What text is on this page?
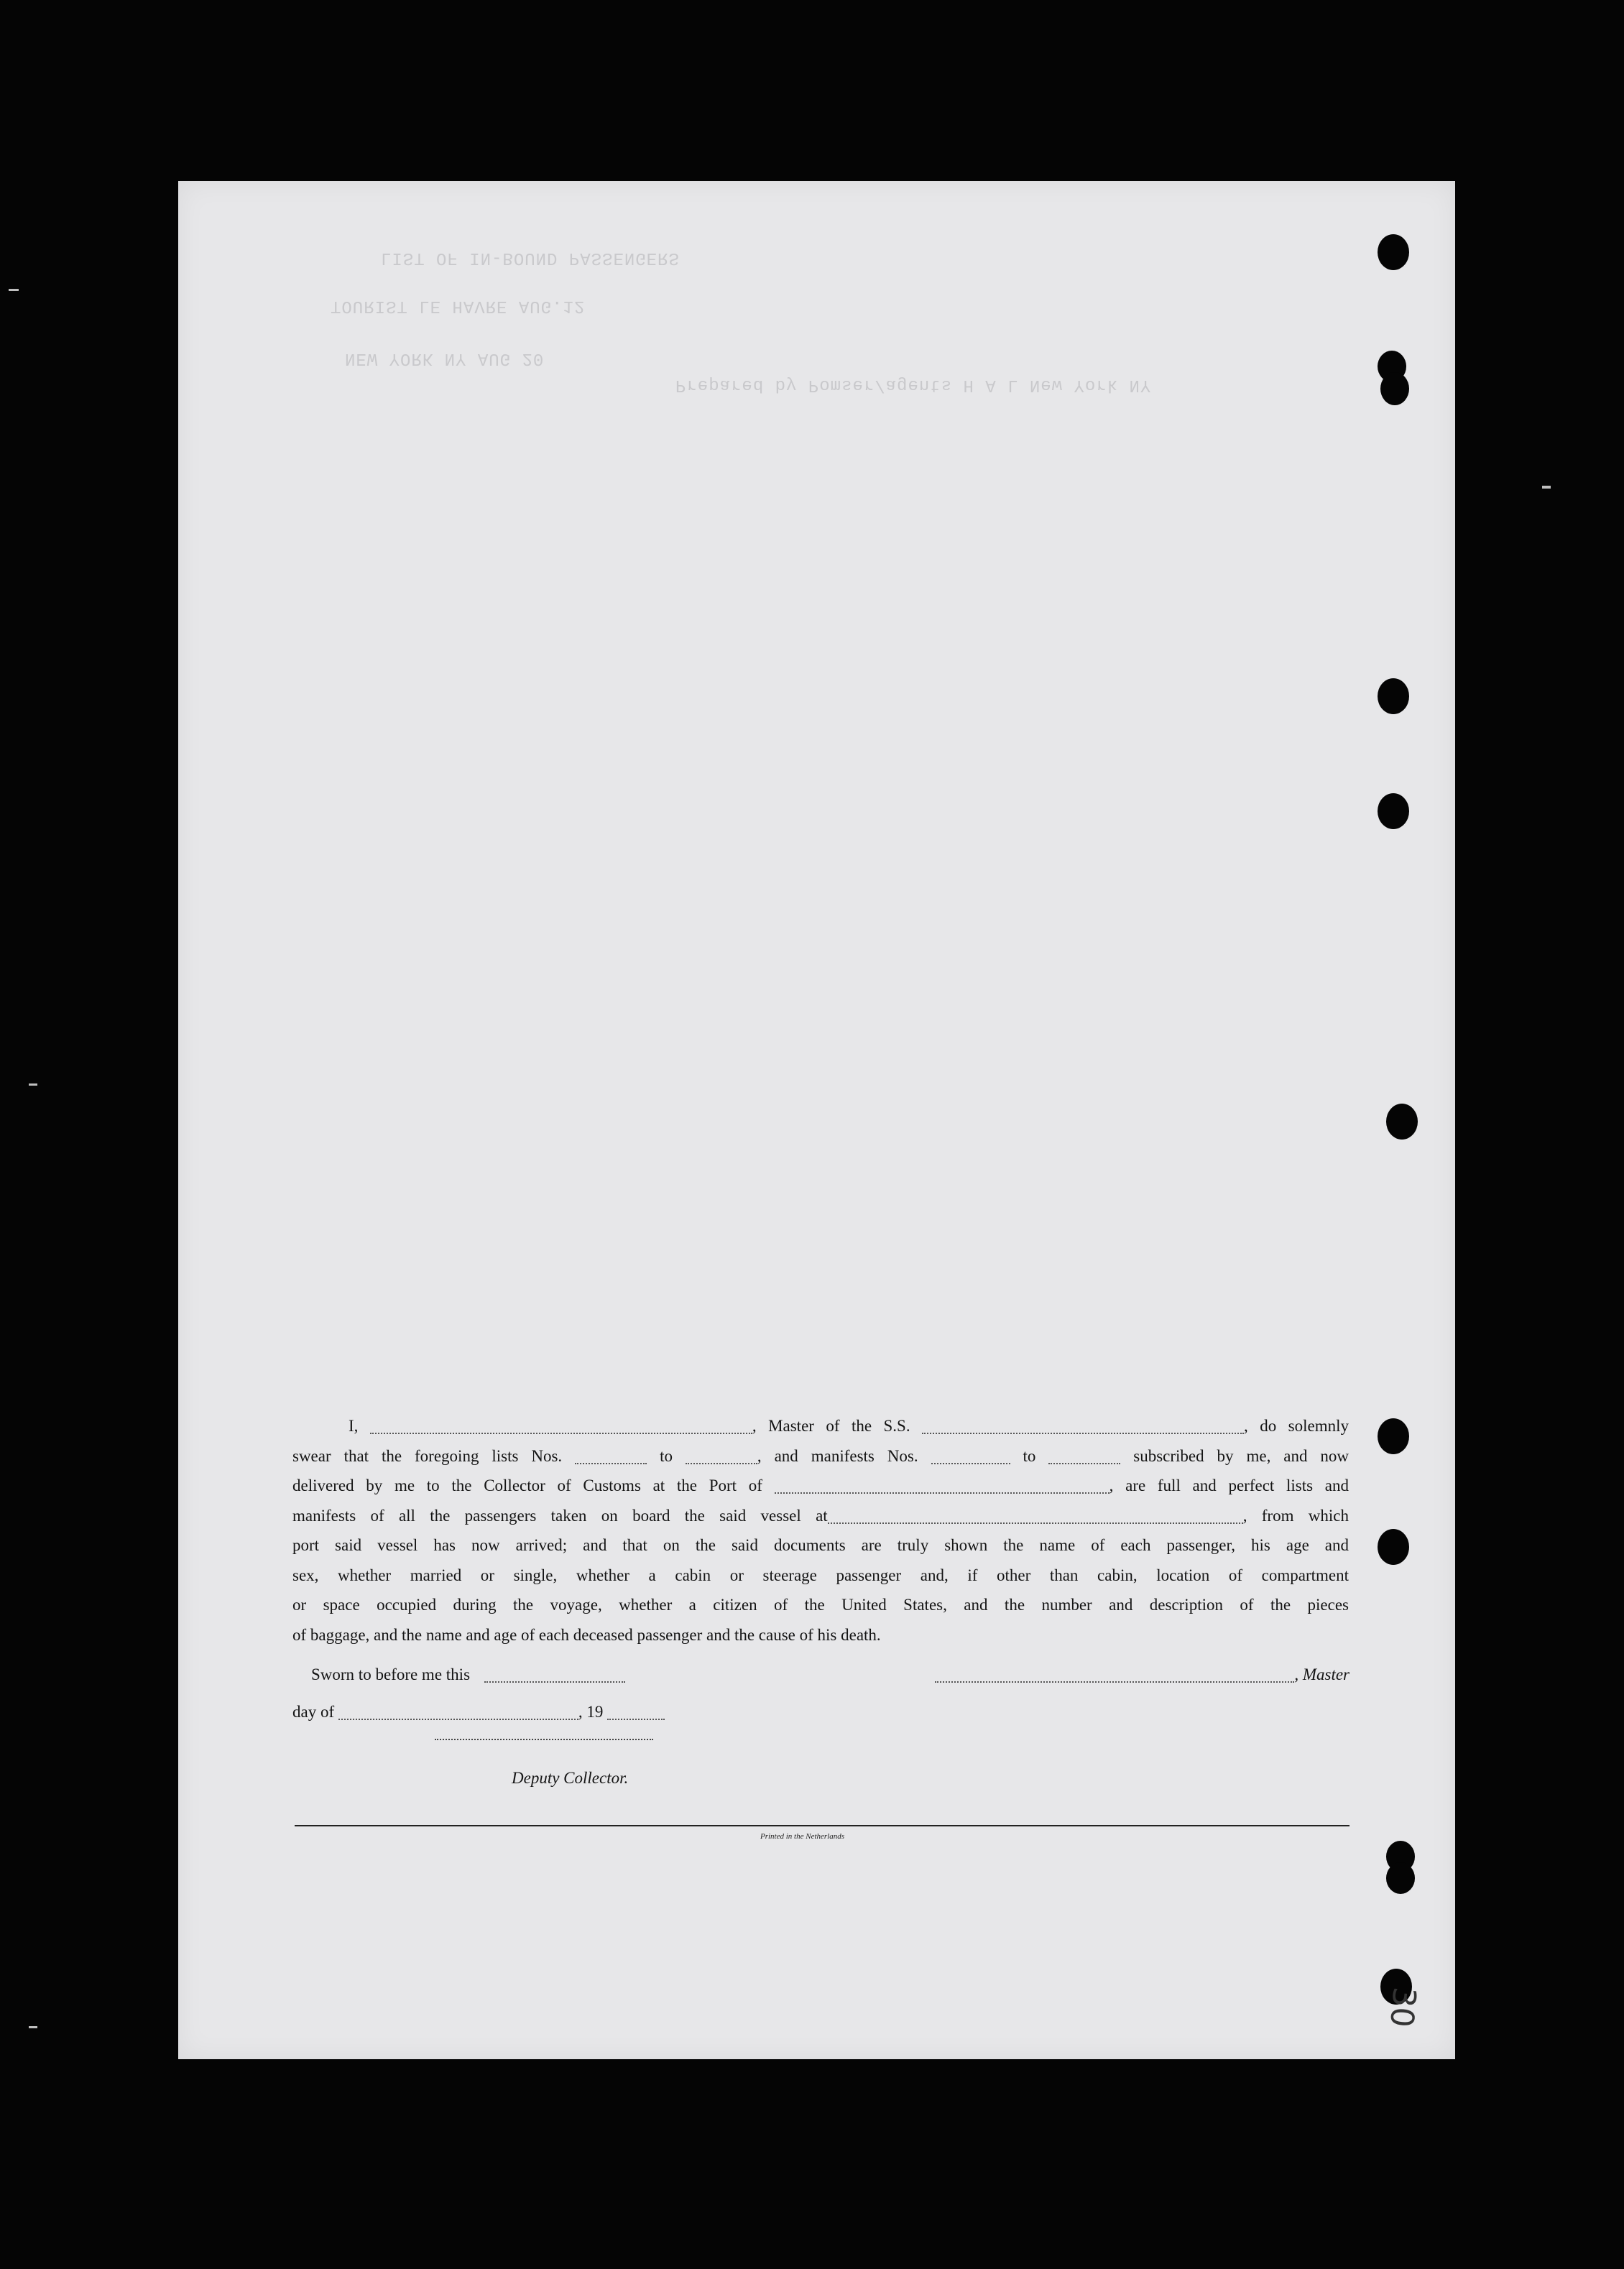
LIST OF IN-BOUND PASSENGERS
TOURIST LE HAVRE AUG.12
NEW YORK NY AUG 20
Prepared by Pomser/agents H A L New York NY
I,	, Master of the S.S.	, do solemnly
swear that the foregoing lists Nos.	to	, and manifests Nos.	to	subscribed by me, and now
delivered by me to the Collector of Customs at the Port of	, are full and perfect lists and
manifests of all the passengers taken on board the said vessel at	, from which
port said vessel has now arrived; and that on the said documents are truly shown the name of each passenger, his age and
sex, whether married or single, whether a cabin or steerage passenger and, if other than cabin, location of compartment
or space occupied during the voyage, whether a citizen of the United States, and the number and description of the pieces
of baggage, and the name and age of each deceased passenger and the cause of his death.
Sworn to before me this	, Master
day of	, 19
Deputy Collector.
Printed in the Netherlands
30
